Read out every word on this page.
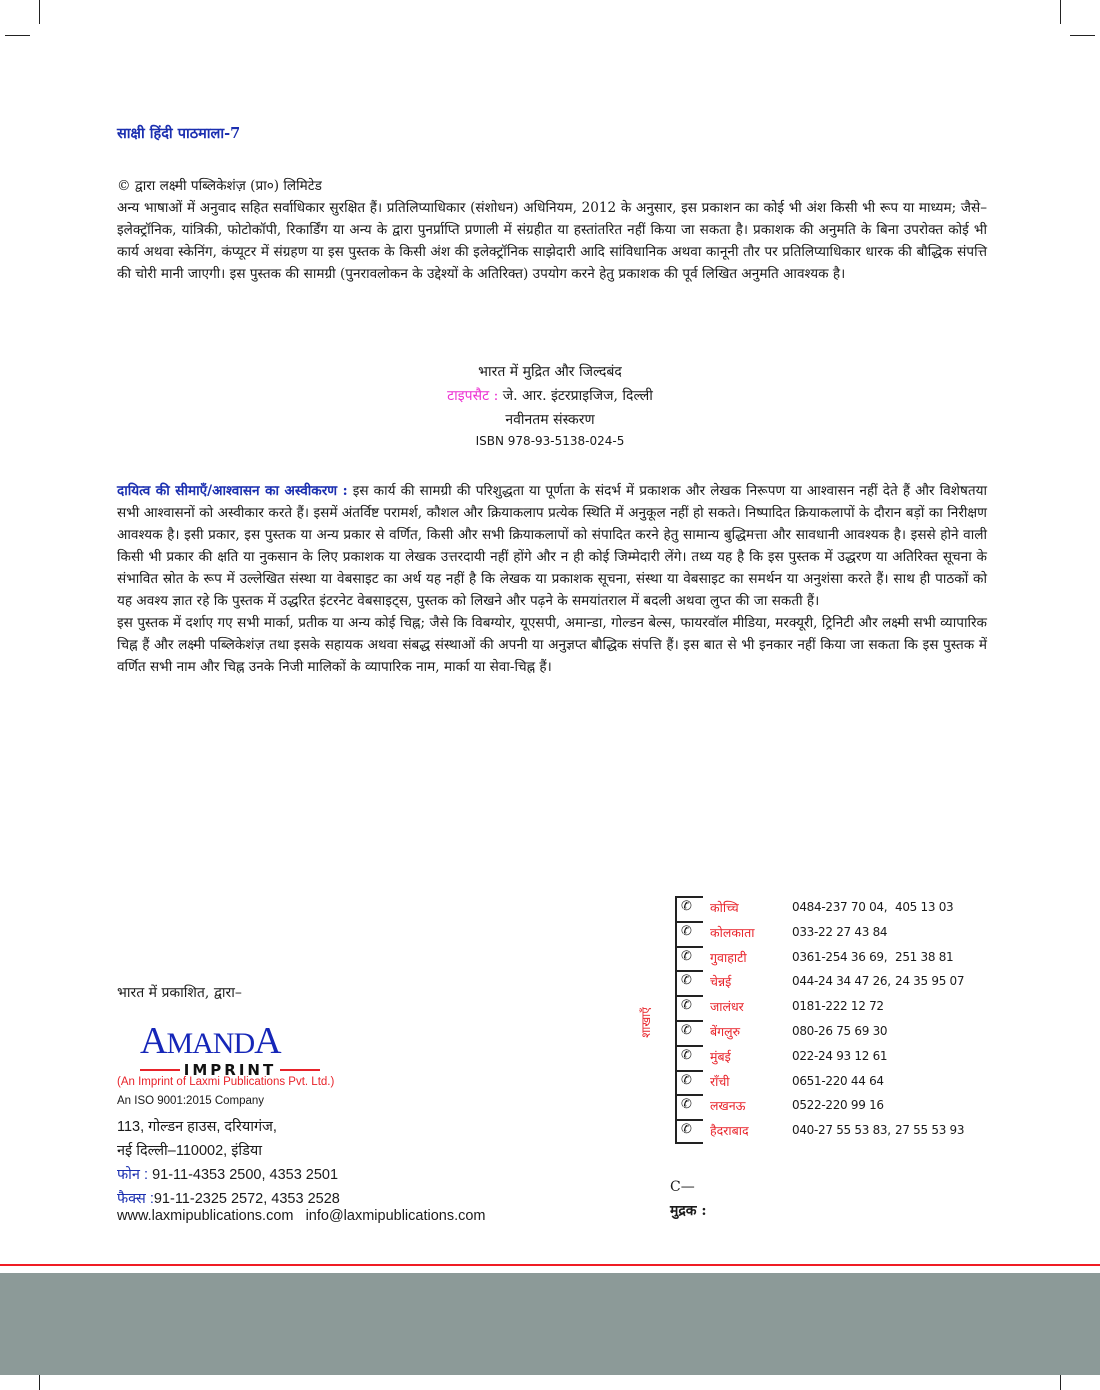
साक्षी हिंदी पाठमाला-7
© द्वारा लक्ष्मी पब्लिकेशंज़ (प्रा०) लिमिटेड
अन्य भाषाओं में अनुवाद सहित सर्वाधिकार सुरक्षित हैं। प्रतिलिप्याधिकार (संशोधन) अधिनियम, 2012 के अनुसार, इस प्रकाशन का कोई भी अंश किसी भी रूप या माध्यम; जैसे–इलेक्ट्रॉनिक, यांत्रिकी, फोटोकॉपी, रिकार्डिंग या अन्य के द्वारा पुनर्प्राप्ति प्रणाली में संग्रहीत या हस्तांतरित नहीं किया जा सकता है। प्रकाशक की अनुमति के बिना उपरोक्त कोई भी कार्य अथवा स्केनिंग, कंप्यूटर में संग्रहण या इस पुस्तक के किसी अंश की इलेक्ट्रॉनिक साझेदारी आदि सांविधानिक अथवा कानूनी तौर पर प्रतिलिप्याधिकार धारक की बौद्धिक संपत्ति की चोरी मानी जाएगी। इस पुस्तक की सामग्री (पुनरावलोकन के उद्देश्यों के अतिरिक्त) उपयोग करने हेतु प्रकाशक की पूर्व लिखित अनुमति आवश्यक है।
भारत में मुद्रित और जिल्दबंद
टाइपसैट : जे. आर. इंटरप्राइजिज, दिल्ली
नवीनतम संस्करण
ISBN 978-93-5138-024-5
दायित्व की सीमाएँ/आश्वासन का अस्वीकरण : इस कार्य की सामग्री की परिशुद्धता या पूर्णता के संदर्भ में प्रकाशक और लेखक निरूपण या आश्वासन नहीं देते हैं और विशेषतया सभी आश्वासनों को अस्वीकार करते हैं। इसमें अंतर्विष्ट परामर्श, कौशल और क्रियाकलाप प्रत्येक स्थिति में अनुकूल नहीं हो सकते। निष्पादित क्रियाकलापों के दौरान बड़ों का निरीक्षण आवश्यक है। इसी प्रकार, इस पुस्तक या अन्य प्रकार से वर्णित, किसी और सभी क्रियाकलापों को संपादित करने हेतु सामान्य बुद्धिमत्ता और सावधानी आवश्यक है। इससे होने वाली किसी भी प्रकार की क्षति या नुकसान के लिए प्रकाशक या लेखक उत्तरदायी नहीं होंगे और न ही कोई जिम्मेदारी लेंगे। तथ्य यह है कि इस पुस्तक में उद्धरण या अतिरिक्त सूचना के संभावित स्रोत के रूप में उल्लेखित संस्था या वेबसाइट का अर्थ यह नहीं है कि लेखक या प्रकाशक सूचना, संस्था या वेबसाइट का समर्थन या अनुशंसा करते हैं। साथ ही पाठकों को यह अवश्य ज्ञात रहे कि पुस्तक में उद्धरित इंटरनेट वेबसाइट्स, पुस्तक को लिखने और पढ़ने के समयांतराल में बदली अथवा लुप्त की जा सकती हैं।
इस पुस्तक में दर्शाए गए सभी मार्का, प्रतीक या अन्य कोई चिह्न; जैसे कि विबग्योर, यूएसपी, अमान्डा, गोल्डन बेल्स, फायरवॉल मीडिया, मरक्यूरी, ट्रिनिटी और लक्ष्मी सभी व्यापारिक चिह्न हैं और लक्ष्मी पब्लिकेशंज़ तथा इसके सहायक अथवा संबद्ध संस्थाओं की अपनी या अनुज्ञप्त बौद्धिक संपत्ति हैं। इस बात से भी इनकार नहीं किया जा सकता कि इस पुस्तक में वर्णित सभी नाम और चिह्न उनके निजी मालिकों के व्यापारिक नाम, मार्का या सेवा-चिह्न हैं।
भारत में प्रकाशित, द्वारा–
AMANDA
IMPRINT
(An Imprint of Laxmi Publications Pvt. Ltd.)
An ISO 9001:2015 Company
113, गोल्डन हाउस, दरियागंज,
नई दिल्ली–110002, इंडिया
फोन : 91-11-4353 2500, 4353 2501
फैक्स :91-11-2325 2572, 4353 2528
www.laxmipublications.com info@laxmipublications.com
शाखाएँ
✆ कोच्चि	0484-237 70 04, 405 13 03
✆ कोलकाता	033-22 27 43 84
✆ गुवाहाटी	0361-254 36 69, 251 38 81
✆ चेन्नई	044-24 34 47 26, 24 35 95 07
✆ जालंधर	0181-222 12 72
✆ बेंगलुरु	080-26 75 69 30
✆ मुंबई	022-24 93 12 61
✆ राँची	0651-220 44 64
✆ लखनऊ	0522-220 99 16
✆ हैदराबाद	040-27 55 53 83, 27 55 53 93
C—
मुद्रक :
